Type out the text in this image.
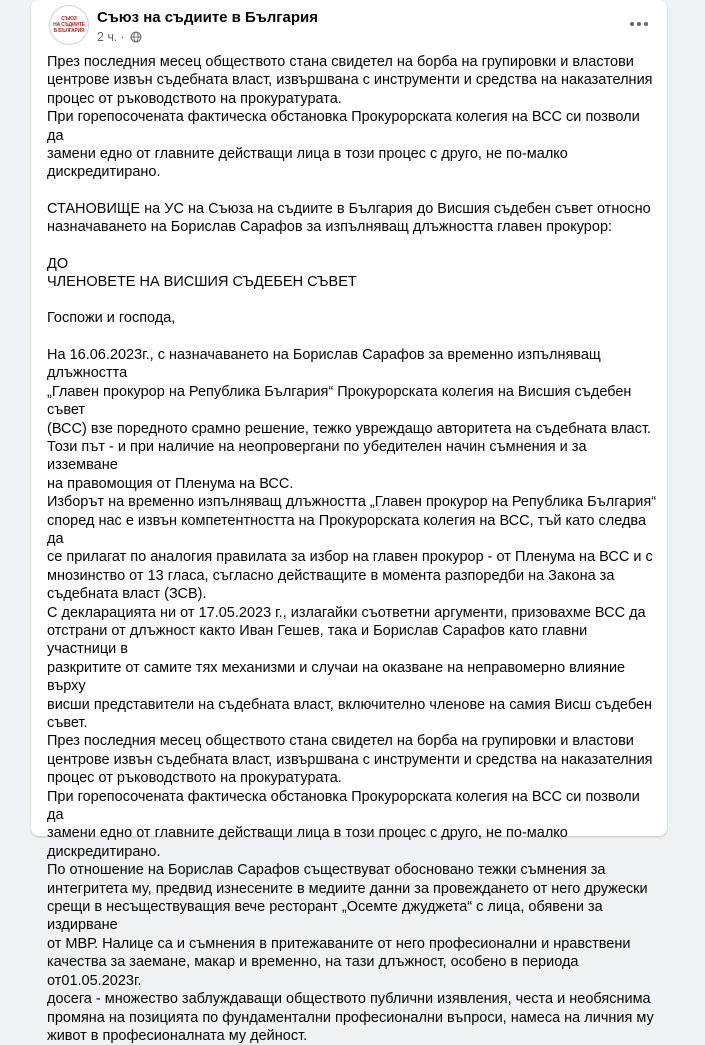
СЪЮЗ
НА СЪДИИТЕ
В БЪЛГАРИЯ
Съюз на съдиите в България
2 ч. ·

През последния месец обществото стана свидетел на борба на групировки и властови
центрове извън съдебната власт, извършвана с инструменти и средства на наказателния
процес от ръководството на прокуратурата.
При горепосочената фактическа обстановка Прокурорската колегия на ВСС си позволи да
замени едно от главните действащи лица в този процес с друго, не по-малко
дискредитирано.

СТАНОВИЩЕ на УС на Съюза на съдиите в България до Висшия съдебен съвет относно
назначаването на Борислав Сарафов за изпълняващ длъжността главен прокурор:

ДО
ЧЛЕНОВЕТЕ НА ВИСШИЯ СЪДЕБЕН СЪВЕТ

Госпожи и господа,

На 16.06.2023г., с назначаването на Борислав Сарафов за временно изпълняващ длъжността
„Главен прокурор на Република България“ Прокурорската колегия на Висшия съдебен съвет
(ВСС) взе поредното срамно решение, тежко увреждащо авторитета на съдебната власт.
Този път - и при наличие на неопровергани по убедителен начин съмнения и за изземване
на правомощия от Пленума на ВСС.
Изборът на временно изпълняващ длъжността „Главен прокурор на Република България“
според нас е извън компетентността на Прокурорската колегия на ВСС, тъй като следва да
се прилагат по аналогия правилата за избор на главен прокурор - от Пленума на ВСС и с
мнозинство от 13 гласа, съгласно действащите в момента разпоредби на Закона за
съдебната власт (ЗСВ).
С декларацията ни от 17.05.2023 г., излагайки съответни аргументи, призовахме ВСС да
отстрани от длъжност както Иван Гешев, така и Борислав Сарафов като главни участници в
разкритите от самите тях механизми и случаи на оказване на неправомерно влияние върху
висши представители на съдебната власт, включително членове на самия Висш съдебен
съвет.
През последния месец обществото стана свидетел на борба на групировки и властови
центрове извън съдебната власт, извършвана с инструменти и средства на наказателния
процес от ръководството на прокуратурата.
При горепосочената фактическа обстановка Прокурорската колегия на ВСС си позволи да
замени едно от главните действащи лица в този процес с друго, не по-малко
дискредитирано.
По отношение на Борислав Сарафов съществуват обосновано тежки съмнения за
интегритета му, предвид изнесените в медиите данни за провеждането от него дружески
срещи в несъществуващия вече ресторант „Осемте джуджета“ с лица, обявени за издирване
от МВР. Налице са и съмнения в притежаваните от него професионални и нравствени
качества за заемане, макар и временно, на тази длъжност, особено в периода от01.05.2023г.
досега - множество заблуждаващи обществото публични изявления, честа и необяснима
промяна на позицията по фундаментални професионални въпроси, намеса на личния му
живот в професионалната му дейност.
